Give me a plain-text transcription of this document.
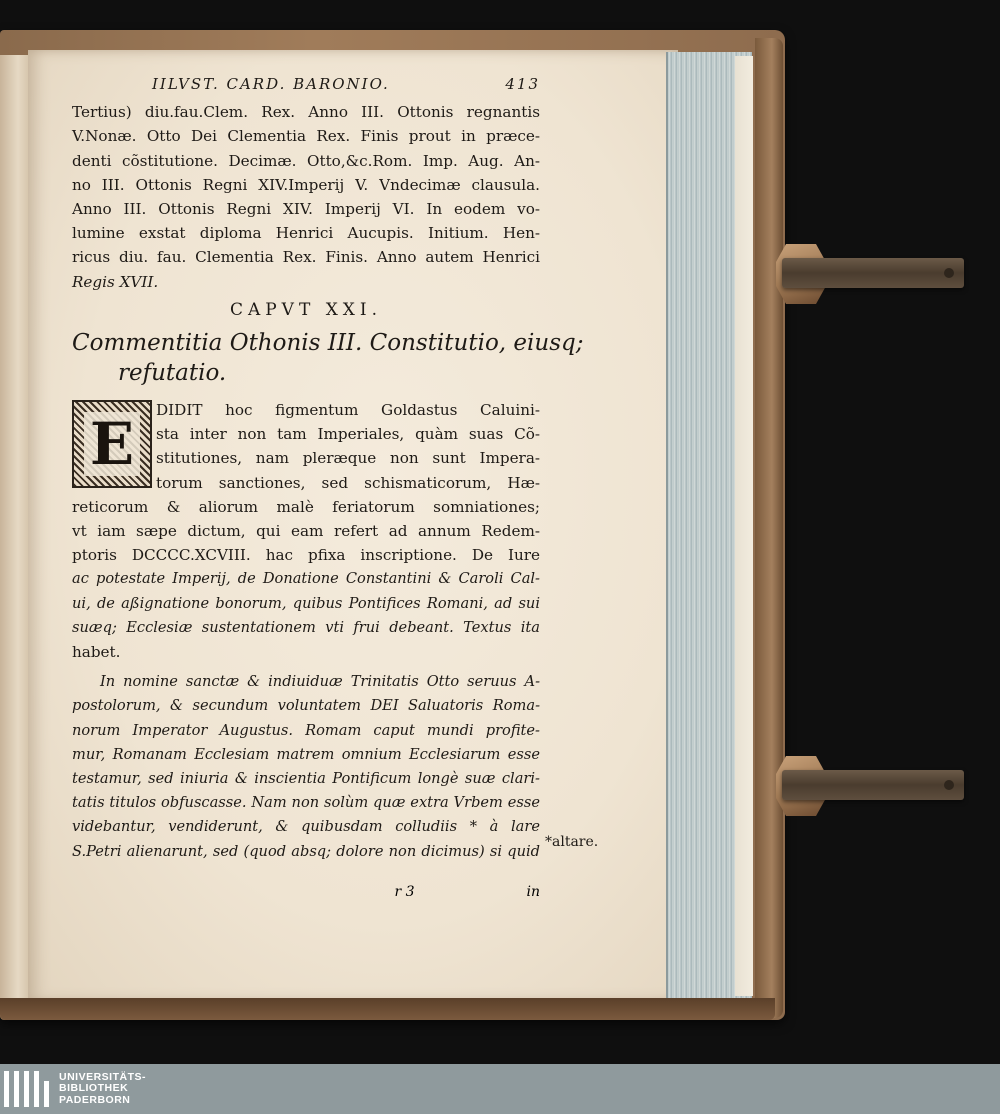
IILVST. CARD. BARONIO.	413
Tertius) diu.fau.Clem. Rex. Anno III. Ottonis regnantis
V.Nonæ. Otto Dei Clementia Rex. Finis prout in præce-
denti cõstitutione. Decimæ. Otto,&c.Rom. Imp. Aug. An-
no III. Ottonis Regni XIV.Imperij V. Vndecimæ clausula.
Anno III. Ottonis Regni XIV. Imperij VI. In eodem vo-
lumine exstat diploma Henrici Aucupis. Initium. Hen-
ricus diu. fau. Clementia Rex. Finis. Anno autem Henrici
Regis XVII.
CAPVT XXI.
Commentitia Othonis III. Constitutio, eiusq;
refutatio.
E	DIDIT hoc figmentum Goldastus Caluini-
sta inter non tam Imperiales, quàm suas Cõ-
stitutiones, nam pleræque non sunt Impera-
torum sanctiones, sed schismaticorum, Hæ-
reticorum & aliorum malè feriatorum somniationes;
vt iam sæpe dictum, qui eam refert ad annum Redem-
ptoris DCCCC.XCVIII. hac pfixa inscriptione. De Iure
ac potestate Imperij, de Donatione Constantini & Caroli Cal-
ui, de aßignatione bonorum, quibus Pontifices Romani, ad sui
suæq; Ecclesiæ sustentationem vti frui debeant. Textus ita
habet.
In nomine sanctæ & indiuiduæ Trinitatis Otto seruus A-
postolorum, & secundum voluntatem DEI Saluatoris Roma-
norum Imperator Augustus. Romam caput mundi profite-
mur, Romanam Ecclesiam matrem omnium Ecclesiarum esse
testamur, sed iniuria & inscientia Pontificum longè suæ clari-
tatis titulos obfuscasse. Nam non solùm quæ extra Vrbem esse
videbantur, vendiderunt, & quibusdam colludiis * à lare
S.Petri alienarunt, sed (quod absq; dolore non dicimus) si quid
*altare.
r 3	in
UNIVERSITÄTS-
BIBLIOTHEK
PADERBORN
